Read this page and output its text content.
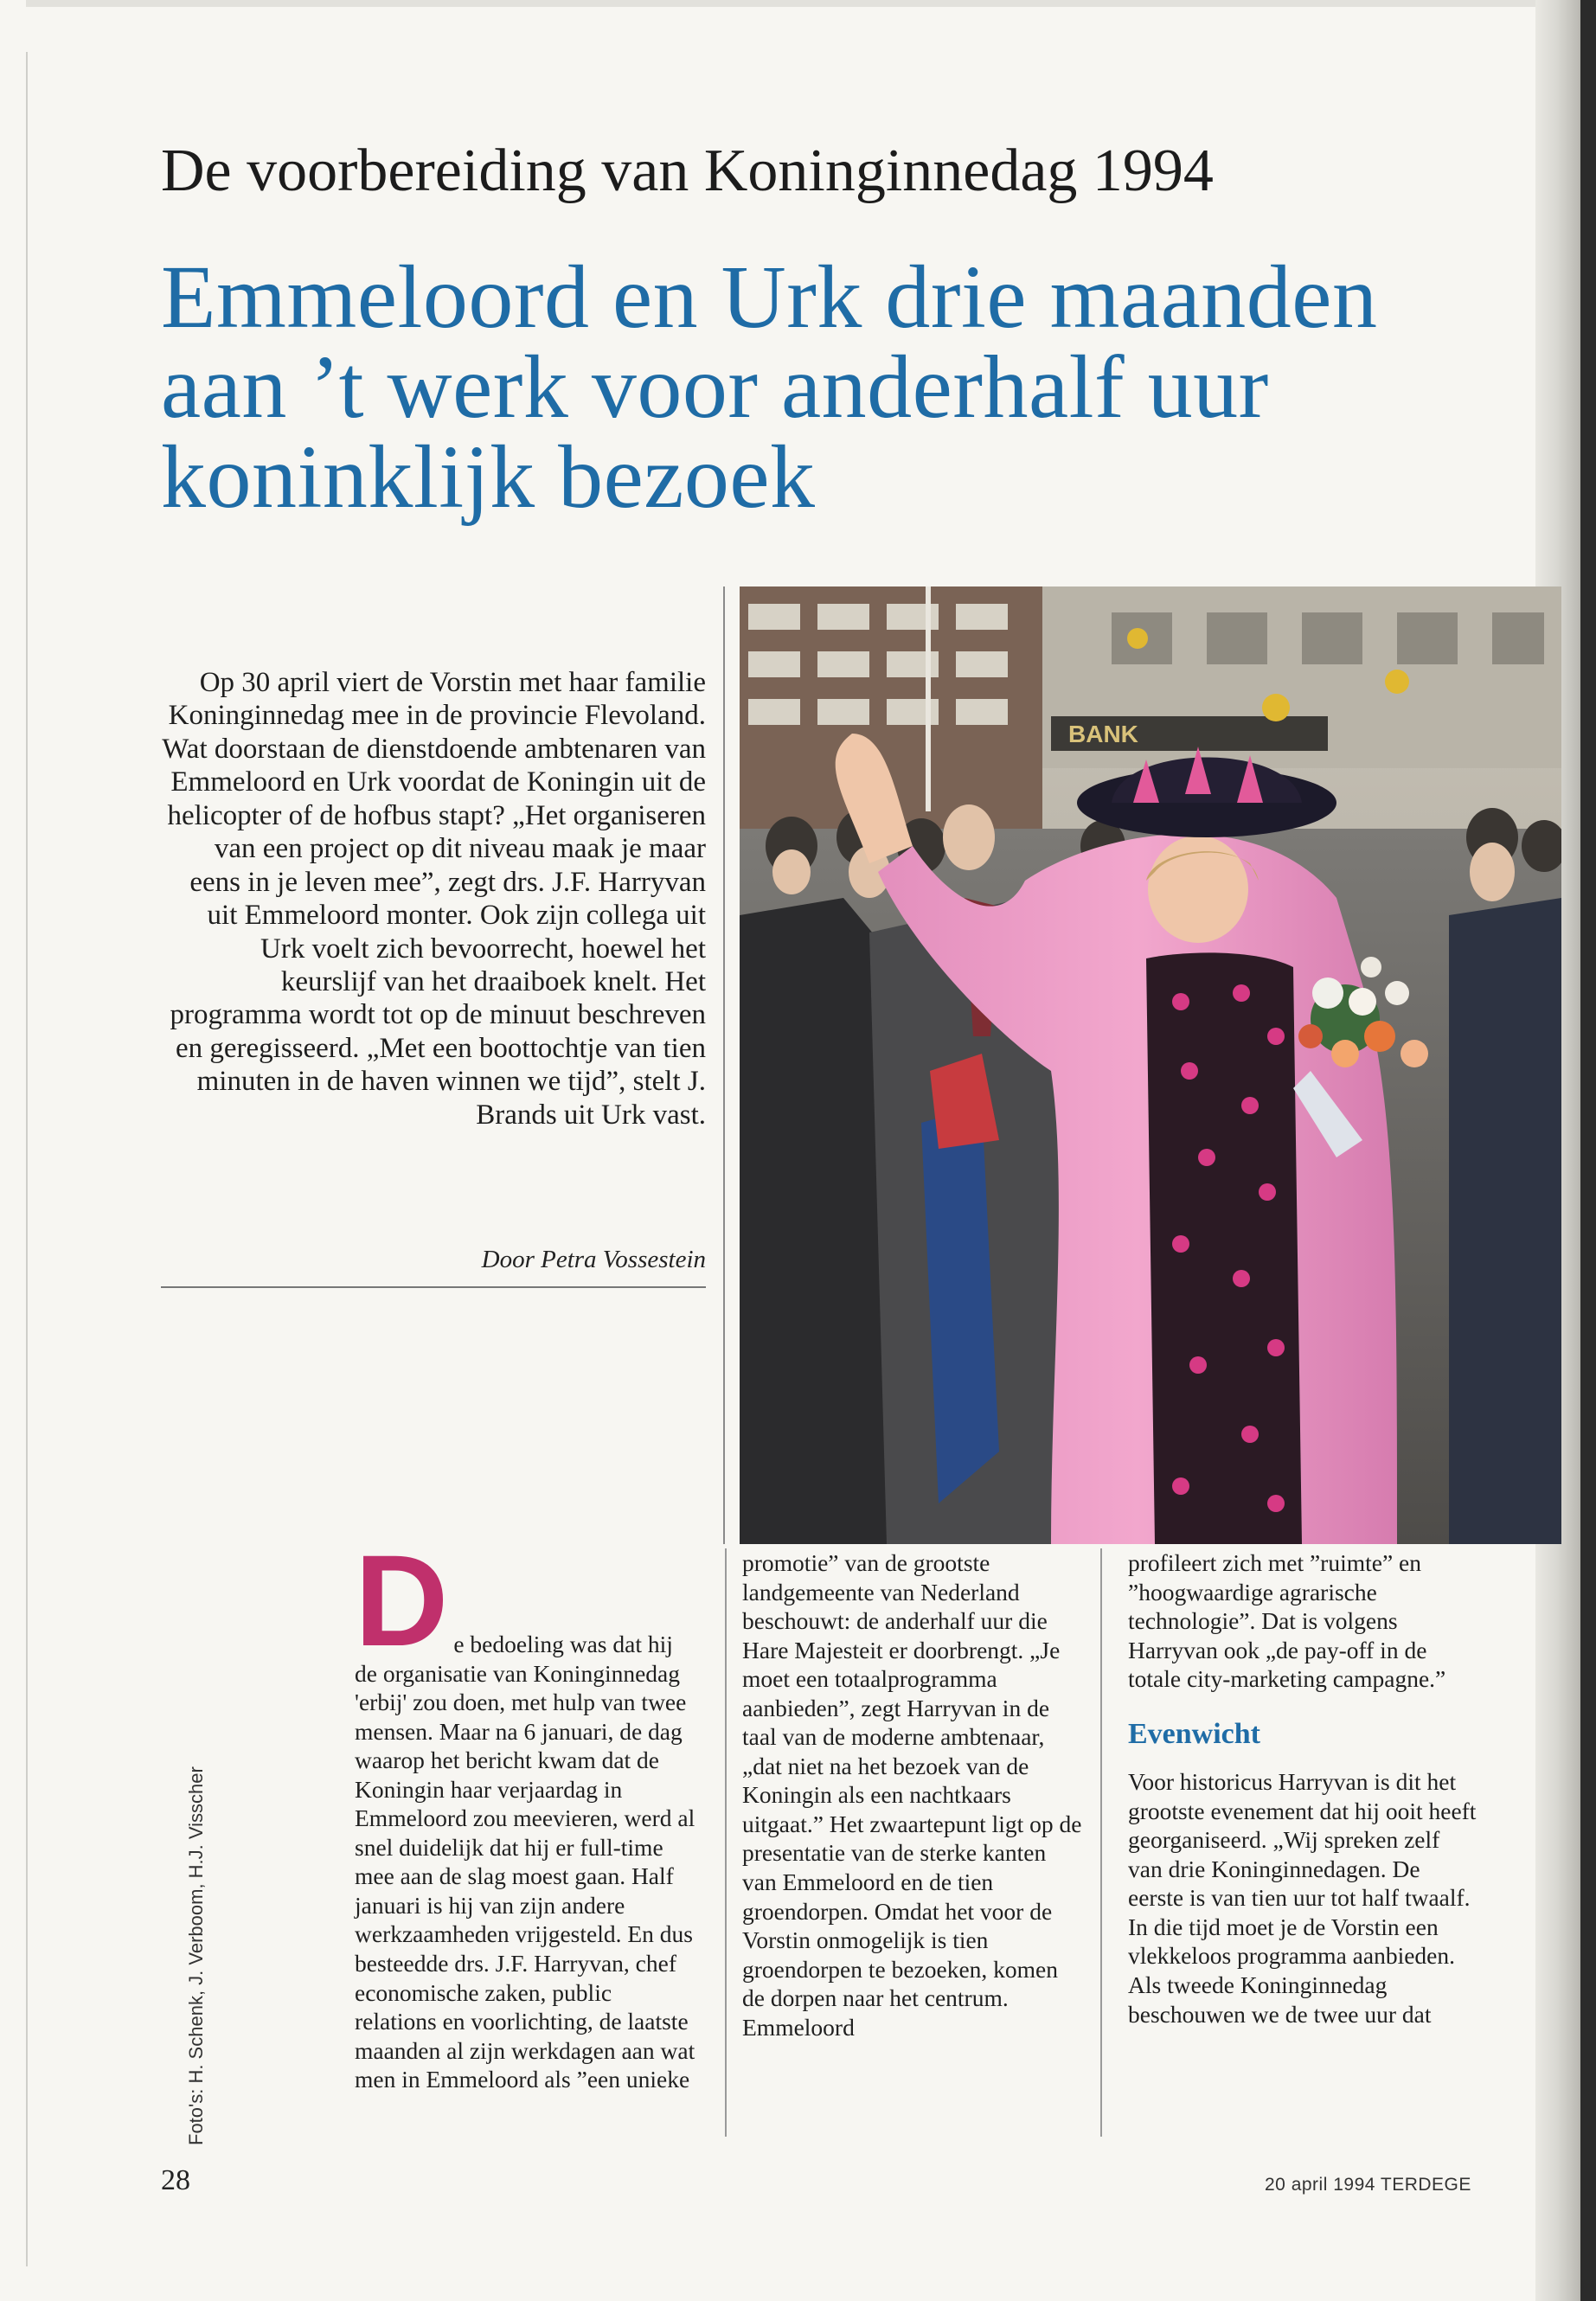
De voorbereiding van Koninginnedag 1994
Emmeloord en Urk drie maanden
aan ’t werk voor anderhalf uur
koninklijk bezoek

Op 30 april viert de Vorstin met haar familie Koninginnedag mee in de provincie Flevoland. Wat doorstaan de dienstdoende ambtenaren van Emmeloord en Urk voordat de Koningin uit de helicopter of de hofbus stapt? „Het organiseren van een project op dit niveau maak je maar eens in je leven mee”, zegt drs. J.F. Harryvan uit Emmeloord monter. Ook zijn collega uit Urk voelt zich bevoorrecht, hoewel het keurslijf van het draaiboek knelt. Het programma wordt tot op de minuut beschreven en geregisseerd. „Met een boottochtje van tien minuten in de haven winnen we tijd”, stelt J. Brands uit Urk vast.

Door Petra Vossestein
BANK
D e bedoeling was dat hij de organisatie van Koninginnedag 'erbij' zou doen, met hulp van twee mensen. Maar na 6 januari, de dag waarop het bericht kwam dat de Koningin haar verjaardag in Emmeloord zou meevieren, werd al snel duidelijk dat hij er full-time mee aan de slag moest gaan. Half januari is hij van zijn andere werkzaamheden vrijgesteld. En dus besteedde drs. J.F. Harryvan, chef economische zaken, public relations en voorlichting, de laatste maanden al zijn werkdagen aan wat men in Emmeloord als ”een unieke

promotie” van de grootste landgemeente van Nederland beschouwt: de anderhalf uur die Hare Majesteit er doorbrengt. „Je moet een totaalprogramma aanbieden”, zegt Harryvan in de taal van de moderne ambtenaar, „dat niet na het bezoek van de Koningin als een nachtkaars uitgaat.” Het zwaartepunt ligt op de presentatie van de sterke kanten van Emmeloord en de tien groendorpen. Omdat het voor de Vorstin onmogelijk is tien groendorpen te bezoeken, komen de dorpen naar het centrum. Emmeloord

profileert zich met ”ruimte” en ”hoogwaardige agrarische technologie”. Dat is volgens Harryvan ook „de pay-off in de totale city-marketing campagne.”

Evenwicht

Voor historicus Harryvan is dit het grootste evenement dat hij ooit heeft georganiseerd. „Wij spreken zelf van drie Koninginnedagen. De eerste is van tien uur tot half twaalf. In die tijd moet je de Vorstin een vlekkeloos programma aanbieden. Als tweede Koninginnedag beschouwen we de twee uur dat

Foto's: H. Schenk, J. Verboom, H.J. Visscher
28	20 april 1994 TERDEGE
